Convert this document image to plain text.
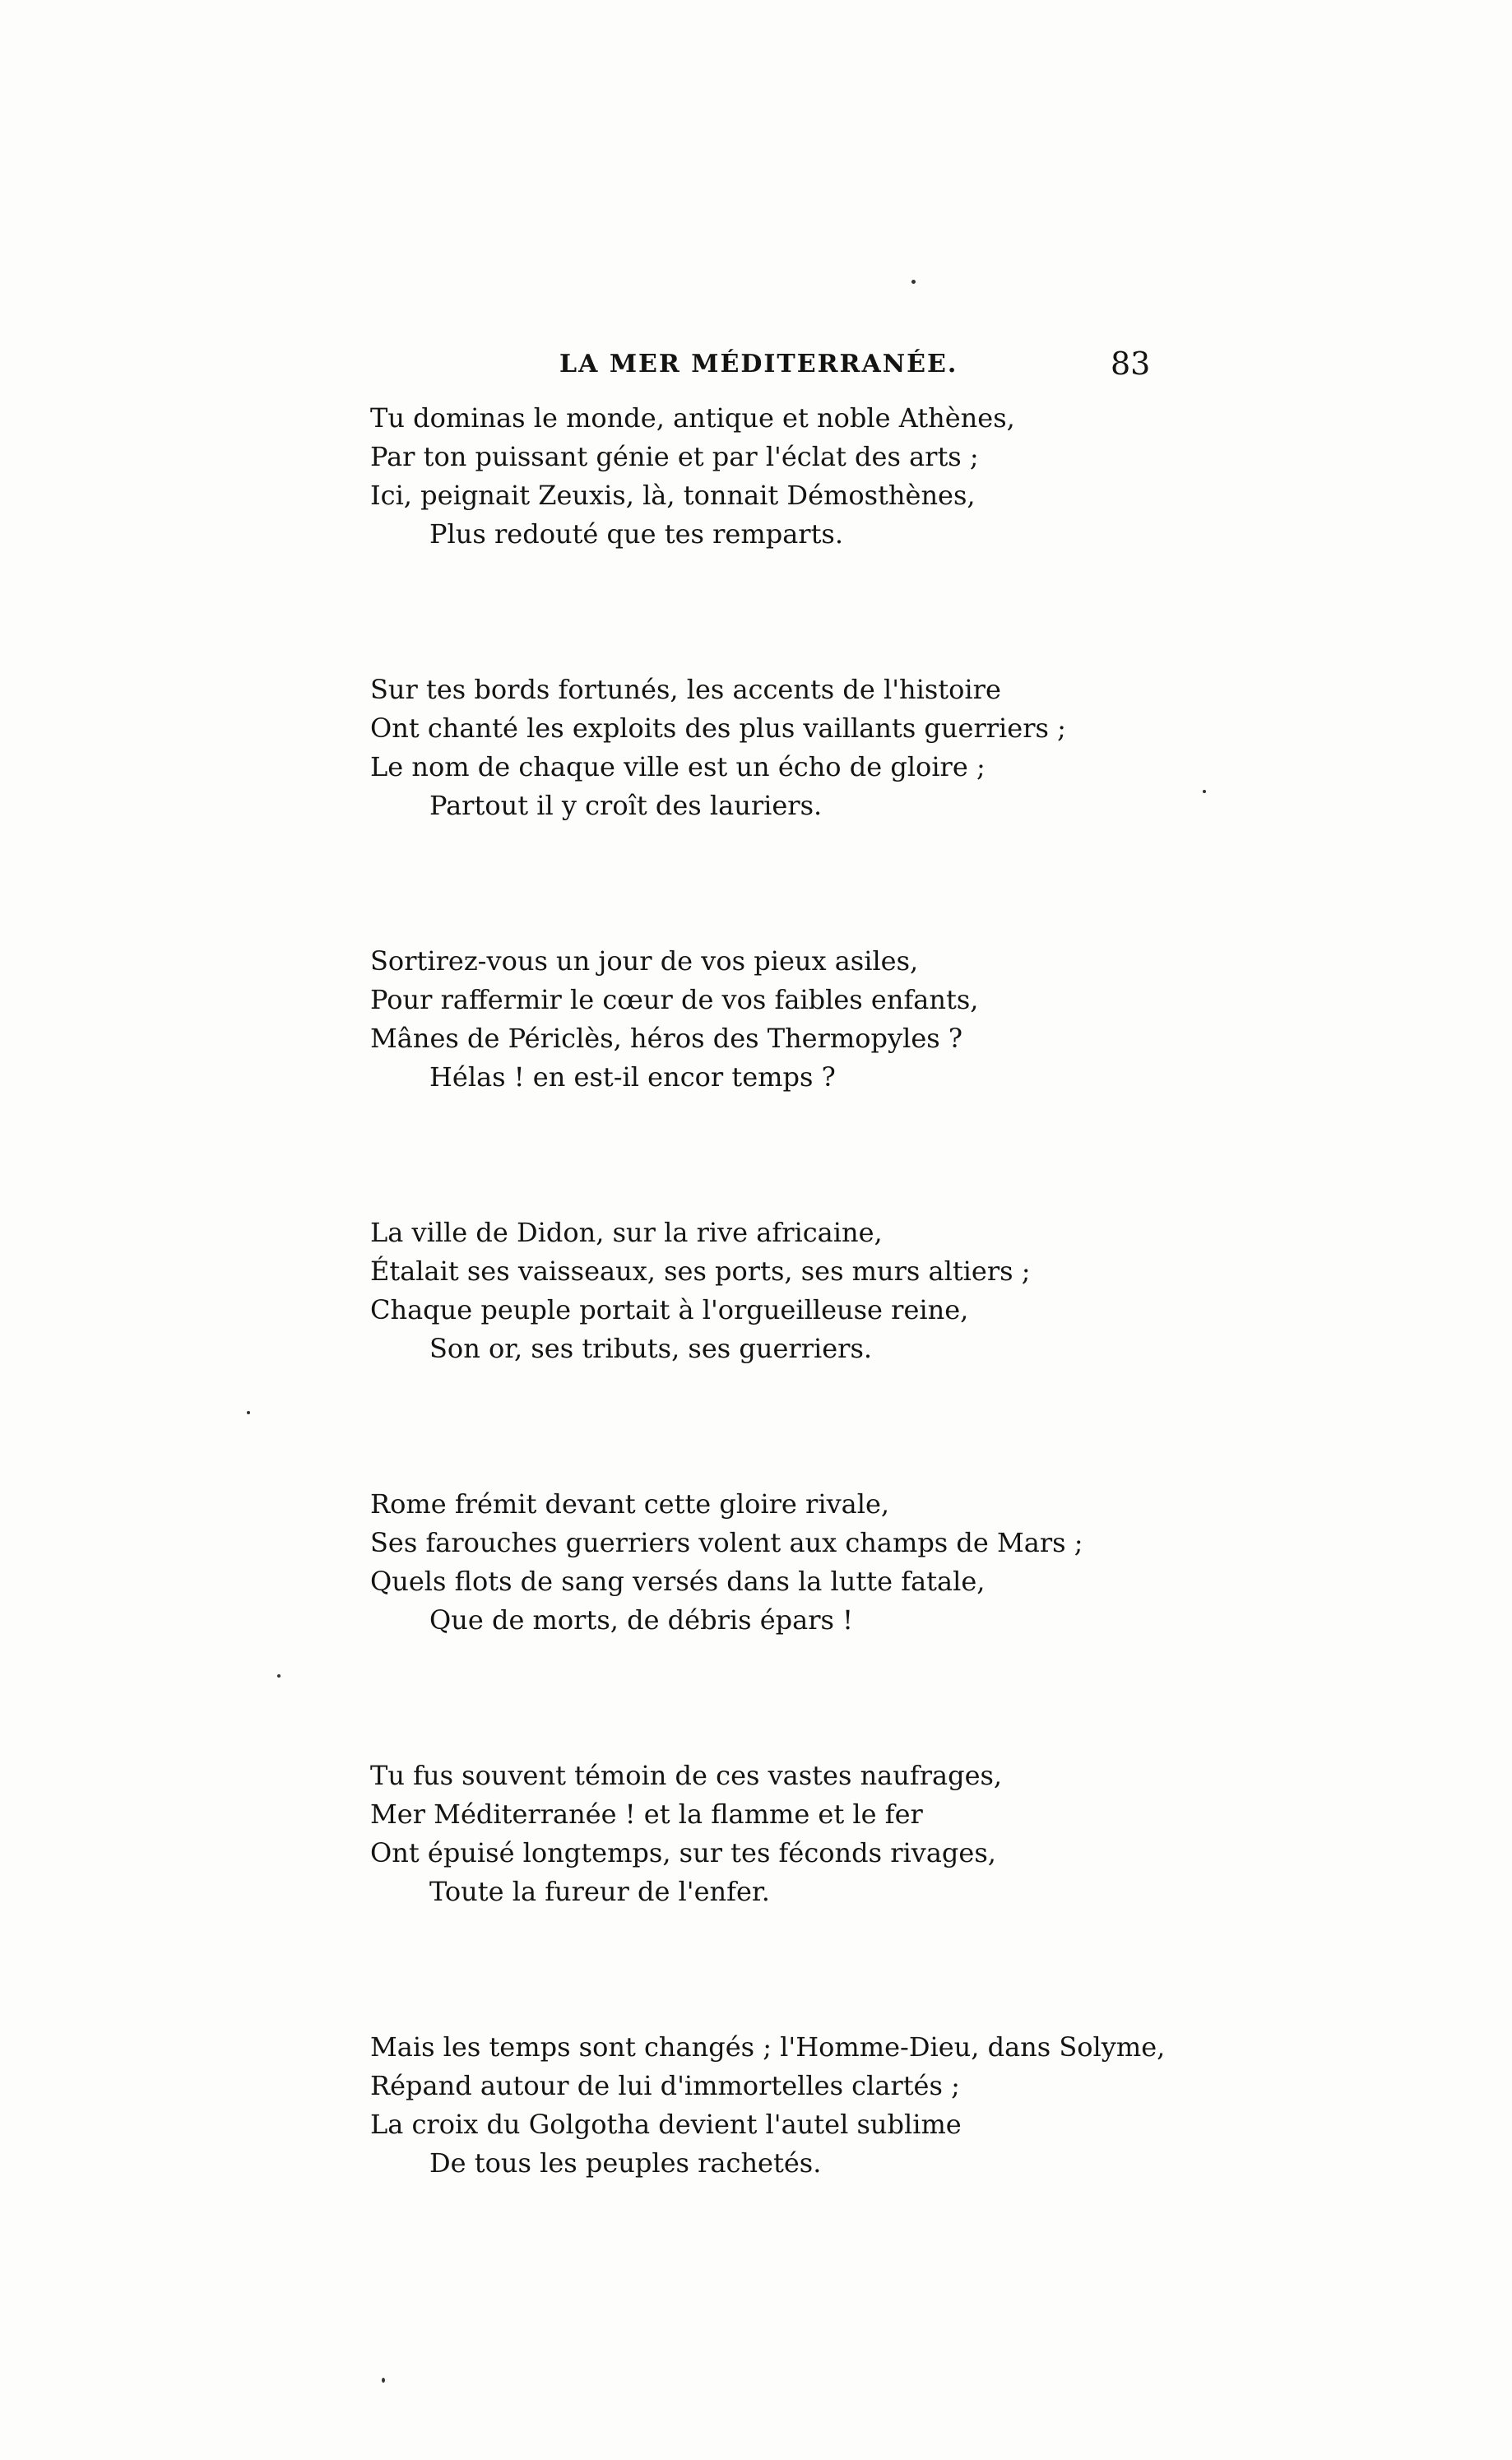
LA MER MÉDITERRANÉE.	83
Tu dominas le monde, antique et noble Athènes,
Par ton puissant génie et par l'éclat des arts ;
Ici, peignait Zeuxis, là, tonnait Démosthènes,
Plus redouté que tes remparts.
Sur tes bords fortunés, les accents de l'histoire
Ont chanté les exploits des plus vaillants guerriers ;
Le nom de chaque ville est un écho de gloire ;
Partout il y croît des lauriers.
Sortirez-vous un jour de vos pieux asiles,
Pour raffermir le cœur de vos faibles enfants,
Mânes de Périclès, héros des Thermopyles ?
Hélas ! en est-il encor temps ?
La ville de Didon, sur la rive africaine,
Étalait ses vaisseaux, ses ports, ses murs altiers ;
Chaque peuple portait à l'orgueilleuse reine,
Son or, ses tributs, ses guerriers.
Rome frémit devant cette gloire rivale,
Ses farouches guerriers volent aux champs de Mars ;
Quels flots de sang versés dans la lutte fatale,
Que de morts, de débris épars !
Tu fus souvent témoin de ces vastes naufrages,
Mer Méditerranée ! et la flamme et le fer
Ont épuisé longtemps, sur tes féconds rivages,
Toute la fureur de l'enfer.
Mais les temps sont changés ; l'Homme-Dieu, dans Solyme,
Répand autour de lui d'immortelles clartés ;
La croix du Golgotha devient l'autel sublime
De tous les peuples rachetés.
